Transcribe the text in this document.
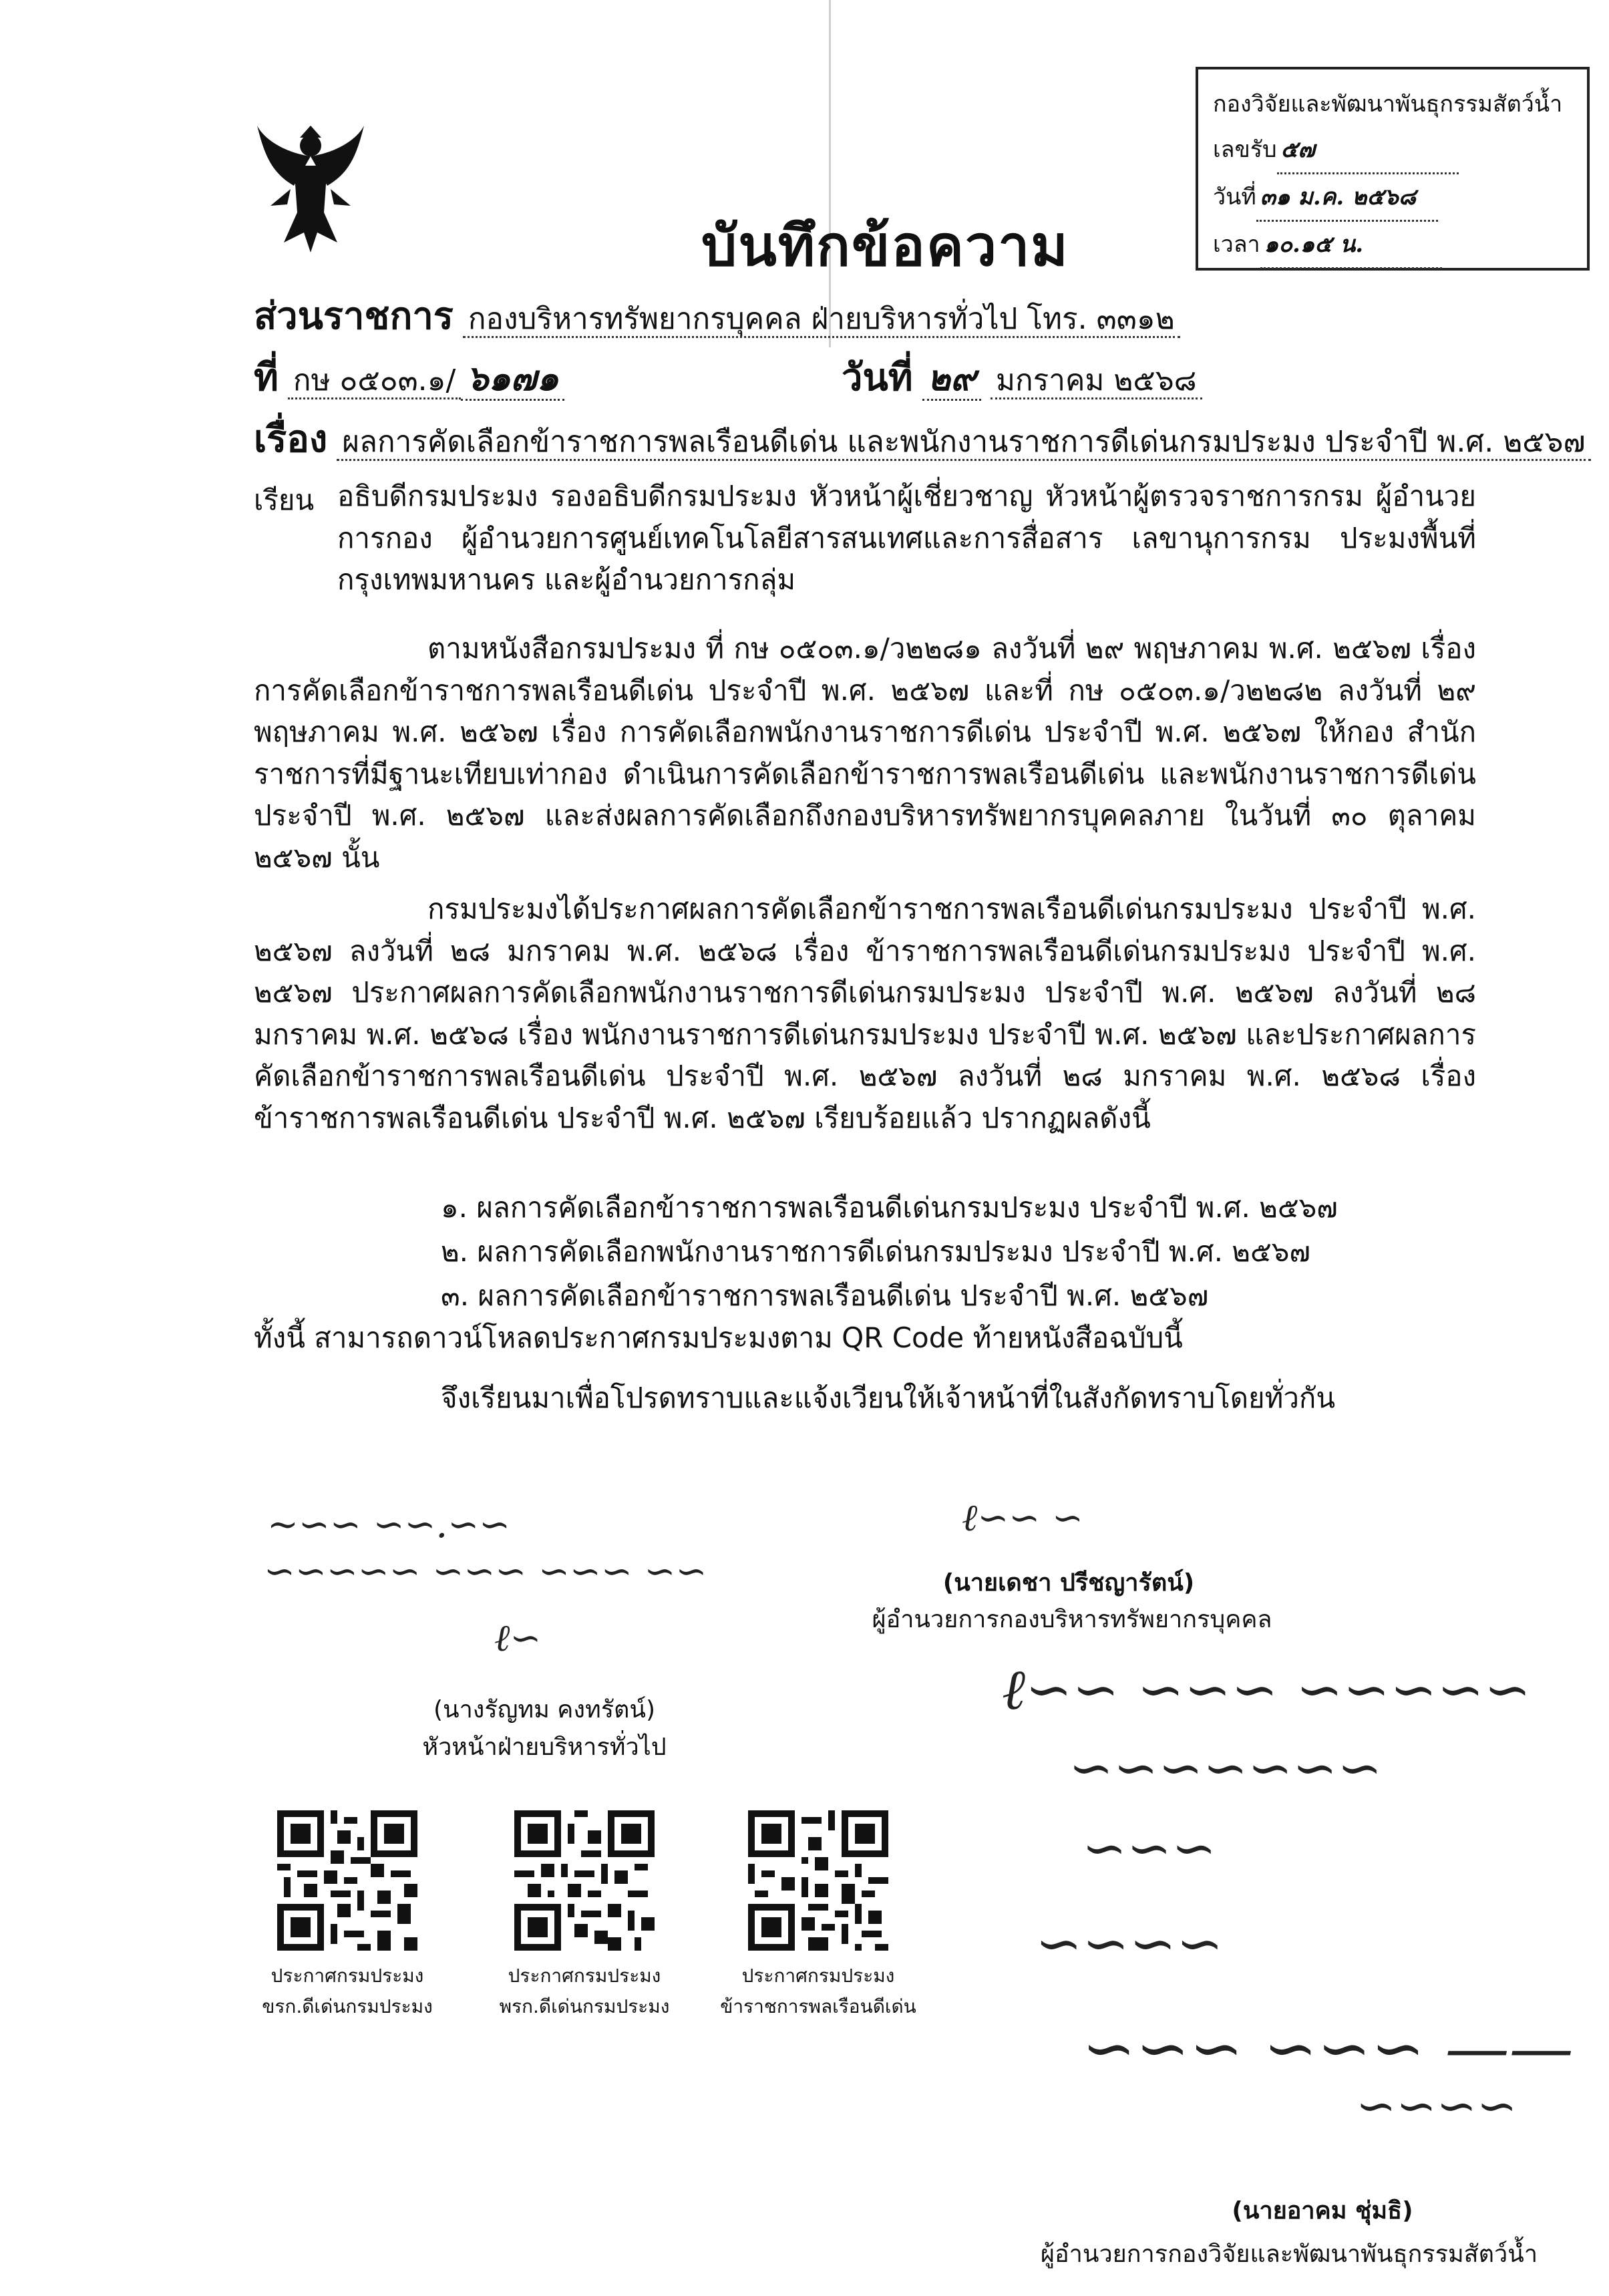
กองวิจัยและพัฒนาพันธุกรรมสัตว์น้ำ
เลขรับ ๕๗
วันที่ ๓๑ ม.ค. ๒๕๖๘
เวลา ๑๐.๑๕ น.
บันทึกข้อความ
ส่วนราชการ กองบริหารทรัพยากรบุคคล ฝ่ายบริหารทั่วไป โทร. ๓๓๑๒
ที่ กษ ๐๕๐๓.๑/ ๖๑๗๑	วันที่ ๒๙ มกราคม ๒๕๖๘
เรื่อง ผลการคัดเลือกข้าราชการพลเรือนดีเด่น และพนักงานราชการดีเด่นกรมประมง ประจำปี พ.ศ. ๒๕๖๗
เรียน อธิบดีกรมประมง รองอธิบดีกรมประมง หัวหน้าผู้เชี่ยวชาญ หัวหน้าผู้ตรวจราชการกรม ผู้อำนวยการกอง ผู้อำนวยการศูนย์เทคโนโลยีสารสนเทศและการสื่อสาร เลขานุการกรม ประมงพื้นที่กรุงเทพมหานคร และผู้อำนวยการกลุ่ม
ตามหนังสือกรมประมง ที่ กษ ๐๕๐๓.๑/ว๒๒๘๑ ลงวันที่ ๒๙ พฤษภาคม พ.ศ. ๒๕๖๗ เรื่อง การคัดเลือกข้าราชการพลเรือนดีเด่น ประจำปี พ.ศ. ๒๕๖๗ และที่ กษ ๐๕๐๓.๑/ว๒๒๘๒ ลงวันที่ ๒๙ พฤษภาคม พ.ศ. ๒๕๖๗ เรื่อง การคัดเลือกพนักงานราชการดีเด่น ประจำปี พ.ศ. ๒๕๖๗ ให้กอง สำนักราชการที่มีฐานะเทียบเท่ากอง ดำเนินการคัดเลือกข้าราชการพลเรือนดีเด่น และพนักงานราชการดีเด่น ประจำปี พ.ศ. ๒๕๖๗ และส่งผลการคัดเลือกถึงกองบริหารทรัพยากรบุคคลภาย ในวันที่ ๓๐ ตุลาคม ๒๕๖๗ นั้น
กรมประมงได้ประกาศผลการคัดเลือกข้าราชการพลเรือนดีเด่นกรมประมง ประจำปี พ.ศ. ๒๕๖๗ ลงวันที่ ๒๘ มกราคม พ.ศ. ๒๕๖๘ เรื่อง ข้าราชการพลเรือนดีเด่นกรมประมง ประจำปี พ.ศ. ๒๕๖๗ ประกาศผลการคัดเลือกพนักงานราชการดีเด่นกรมประมง ประจำปี พ.ศ. ๒๕๖๗ ลงวันที่ ๒๘ มกราคม พ.ศ. ๒๕๖๘ เรื่อง พนักงานราชการดีเด่นกรมประมง ประจำปี พ.ศ. ๒๕๖๗ และประกาศผลการคัดเลือกข้าราชการพลเรือนดีเด่น ประจำปี พ.ศ. ๒๕๖๗ ลงวันที่ ๒๘ มกราคม พ.ศ. ๒๕๖๘ เรื่อง ข้าราชการพลเรือนดีเด่น ประจำปี พ.ศ. ๒๕๖๗ เรียบร้อยแล้ว ปรากฏผลดังนี้
๑. ผลการคัดเลือกข้าราชการพลเรือนดีเด่นกรมประมง ประจำปี พ.ศ. ๒๕๖๗
๒. ผลการคัดเลือกพนักงานราชการดีเด่นกรมประมง ประจำปี พ.ศ. ๒๕๖๗
๓. ผลการคัดเลือกข้าราชการพลเรือนดีเด่น ประจำปี พ.ศ. ๒๕๖๗
ทั้งนี้ สามารถดาวน์โหลดประกาศกรมประมงตาม QR Code ท้ายหนังสือฉบับนี้
จึงเรียนมาเพื่อโปรดทราบและแจ้งเวียนให้เจ้าหน้าที่ในสังกัดทราบโดยทั่วกัน
~∽∽ ∽∽.∽∽
∽∽∽∽∽ ∽∽∽ ∽∽∽ ∽∽
ℓ∽
(นางรัญทม คงทรัตน์)
หัวหน้าฝ่ายบริหารทั่วไป
ℓ∽∽ ∽
(นายเดชา ปรีชญารัตน์)
ผู้อำนวยการกองบริหารทรัพยากรบุคคล
ℓ∽∽ ∽∽∽ ∽∽∽∽∽
∽∽∽∽∽∽∽
∽∽∽
∽∽∽∽
∽∽∽ ∽∽∽ ——
∽∽∽∽
(นายอาคม ชุ่มธิ)
ผู้อำนวยการกองวิจัยและพัฒนาพันธุกรรมสัตว์น้ำ
ประกาศกรมประมง
ขรก.ดีเด่นกรมประมง
ประกาศกรมประมง
พรก.ดีเด่นกรมประมง
ประกาศกรมประมง
ข้าราชการพลเรือนดีเด่น
